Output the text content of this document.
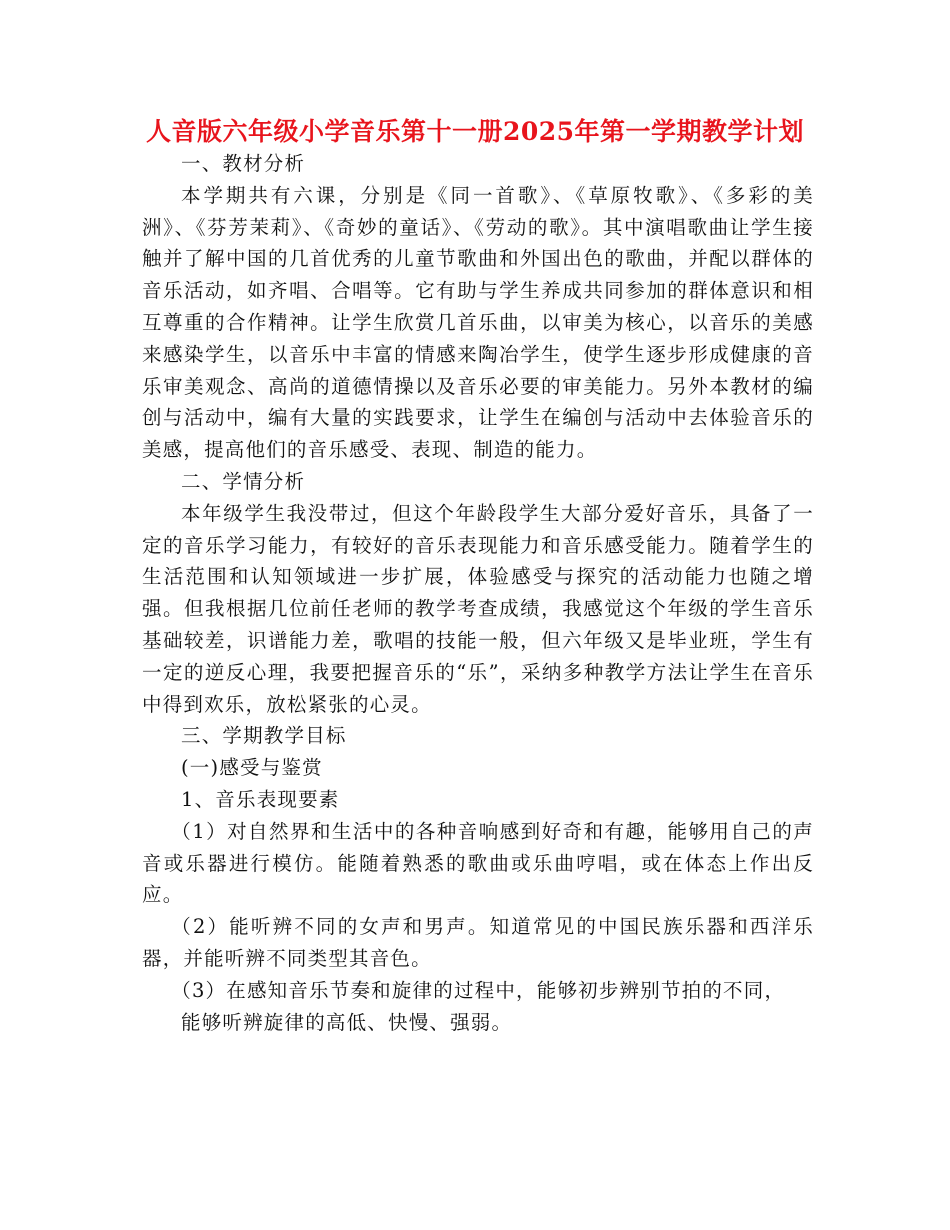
人音版六年级小学音乐第十一册2025年第一学期教学计划

一、教材分析

本学期共有六课，分别是《同一首歌》、《草原牧歌》、《多彩的美洲》、《芬芳茉莉》、《奇妙的童话》、《劳动的歌》。其中演唱歌曲让学生接触并了解中国的几首优秀的儿童节歌曲和外国出色的歌曲，并配以群体的音乐活动，如齐唱、合唱等。它有助与学生养成共同参加的群体意识和相互尊重的合作精神。让学生欣赏几首乐曲，以审美为核心，以音乐的美感来感染学生，以音乐中丰富的情感来陶冶学生，使学生逐步形成健康的音乐审美观念、高尚的道德情操以及音乐必要的审美能力。另外本教材的编创与活动中，编有大量的实践要求，让学生在编创与活动中去体验音乐的美感，提高他们的音乐感受、表现、制造的能力。

二、学情分析

本年级学生我没带过，但这个年龄段学生大部分爱好音乐，具备了一定的音乐学习能力，有较好的音乐表现能力和音乐感受能力。随着学生的生活范围和认知领域进一步扩展，体验感受与探究的活动能力也随之增强。但我根据几位前任老师的教学考查成绩，我感觉这个年级的学生音乐基础较差，识谱能力差，歌唱的技能一般，但六年级又是毕业班，学生有一定的逆反心理，我要把握音乐的“乐”，采纳多种教学方法让学生在音乐中得到欢乐，放松紧张的心灵。

三、学期教学目标

(一)感受与鉴赏

1、音乐表现要素

（1）对自然界和生活中的各种音响感到好奇和有趣，能够用自己的声音或乐器进行模仿。能随着熟悉的歌曲或乐曲哼唱，或在体态上作出反应。

（2）能听辨不同的女声和男声。知道常见的中国民族乐器和西洋乐器，并能听辨不同类型其音色。

（3）在感知音乐节奏和旋律的过程中，能够初步辨别节拍的不同，

能够听辨旋律的高低、快慢、强弱。
